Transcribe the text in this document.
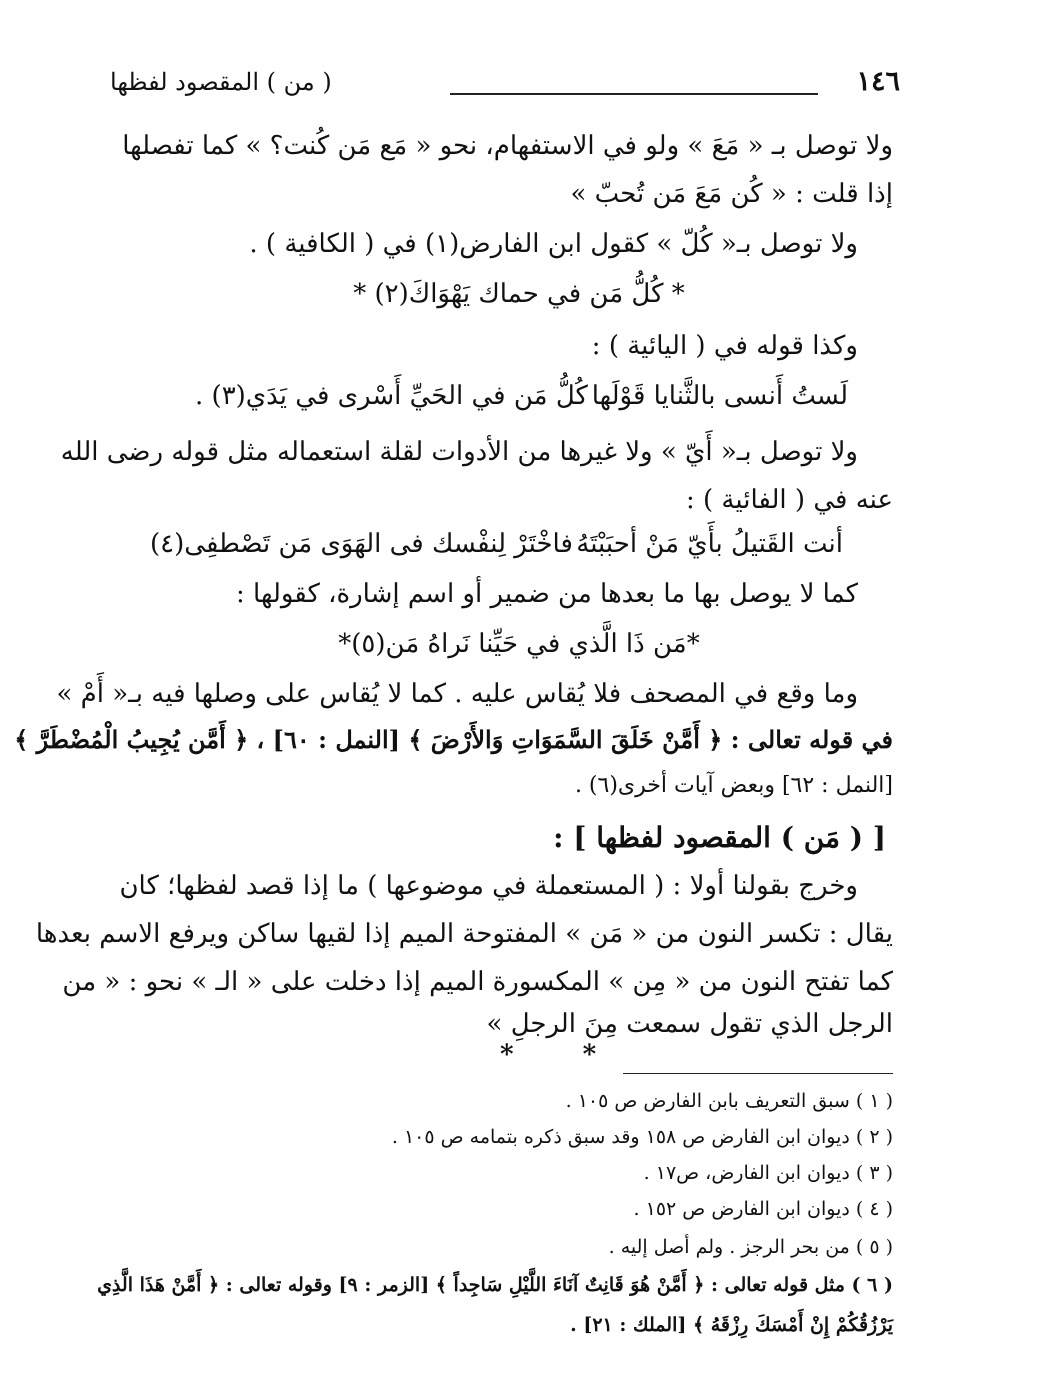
١٤٦
( من ) المقصود لفظها
ولا توصل بـ « مَعَ » ولو في الاستفهام، نحو « مَع مَن كُنت؟ » كما تفصلها
إذا قلت : « كُن مَعَ مَن تُحبّ »
ولا توصل بـ« كُلّ » كقول ابن الفارض(١) في ( الكافية ) .
* كُلُّ مَن في حماك يَهْوَاكَ(٢) *
وكذا قوله في ( اليائية ) :
لَستُ أَنسى بالثَّنايا قَوْلَها
كُلُّ مَن في الحَيِّ أَسْرى في يَدَي(٣) .
ولا توصل بـ« أَيّ » ولا غيرها من الأدوات لقلة استعماله مثل قوله رضى الله
عنه في ( الفائية ) :
أنت القَتيلُ بأَيّ مَنْ أحبَبْتَهُ
فاخْتَرْ لِنفْسك فى الهَوَى مَن تَصْطفِى(٤)
كما لا يوصل بها ما بعدها من ضمير أو اسم إشارة، كقولها :
*مَن ذَا الَّذي في حَيِّنا نَراهُ مَن(٥)*
وما وقع في المصحف فلا يُقاس عليه . كما لا يُقاس على وصلها فيه بـ« أَمْ »
في قوله تعالى : ﴿ أَمَّنْ خَلَقَ السَّمَوَاتِ وَالأَرْضَ ﴾ [النمل : ٦٠] ، ﴿ أَمَّن يُجِيبُ الْمُضْطَرَّ ﴾
[النمل : ٦٢] وبعض آيات أخرى(٦) .
[ ( مَن ) المقصود لفظها ] :
وخرج بقولنا أولا : ( المستعملة في موضوعها ) ما إذا قصد لفظها؛ كان
يقال : تكسر النون من « مَن » المفتوحة الميم إذا لقيها ساكن ويرفع الاسم بعدها
كما تفتح النون من « مِن » المكسورة الميم إذا دخلت على « الـ » نحو : « من
الرجل الذي تقول سمعت مِنَ الرجلِ »
* *
( ١ ) سبق التعريف بابن الفارض ص ١٠٥ .
( ٢ ) ديوان ابن الفارض ص ١٥٨ وقد سبق ذكره بتمامه ص ١٠٥ .
( ٣ ) ديوان ابن الفارض، ص١٧ .
( ٤ ) ديوان ابن الفارض ص ١٥٢ .
( ٥ ) من بحر الرجز . ولم أصل إليه .
( ٦ ) مثل قوله تعالى : ﴿ أَمَّنْ هُوَ قَانِتٌ آنَاءَ اللَّيْلِ سَاجِداً ﴾ [الزمر : ٩] وقوله تعالى : ﴿ أَمَّنْ هَذَا الَّذِي
يَرْزُقُكُمْ إِنْ أَمْسَكَ رِزْقَهُ ﴾ [الملك : ٢١] .
